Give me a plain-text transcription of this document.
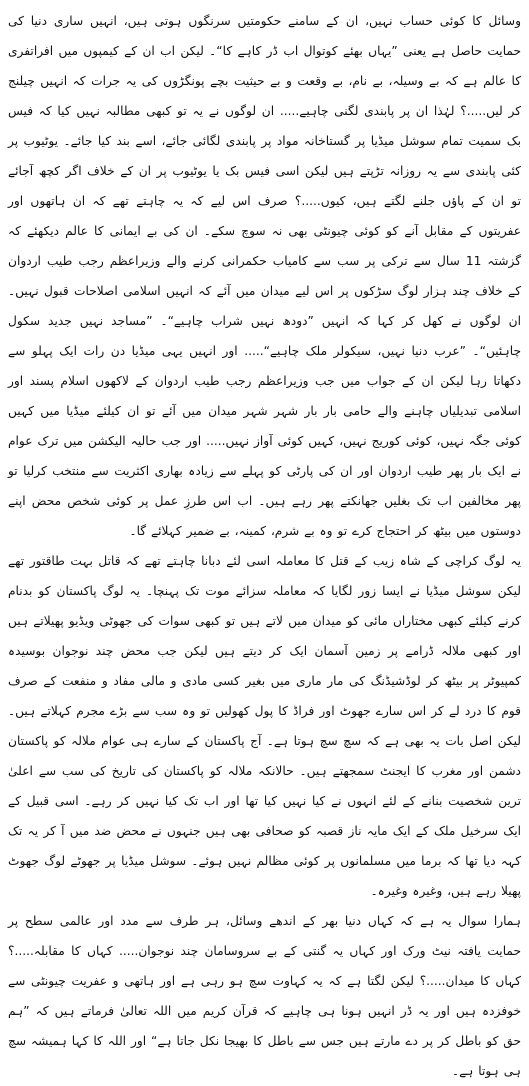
وسائل کا کوئی حساب نہیں، ان کے سامنے حکومتیں سرنگوں ہوتی ہیں، انہیں ساری دنیا کی حمایت حاصل ہے یعنی ”یہاں بھئے کوتوال اب ڈر کاہے کا“۔ لیکن اب ان کے کیمپوں میں افراتفری کا عالم ہے کہ بے وسیلہ، بے نام، بے وقعت و بے حیثیت بچے پونگڑوں کی یہ جرات کہ انہیں چیلنج کر لیں.....؟ لہٰذا ان پر پابندی لگنی چاہیے..... ان لوگوں نے یہ تو کبھی مطالبہ نہیں کیا کہ فیس بک سمیت تمام سوشل میڈیا پر گستاخانہ مواد پر پابندی لگائی جائے، اسے بند کیا جائے۔ یوٹیوب پر کئی پابندی سے یہ روزانہ تڑپتے ہیں لیکن اسی فیس بک یا یوٹیوب پر ان کے خلاف اگر کچھ آجائے تو ان کے پاؤں جلنے لگتے ہیں، کیوں.....؟ صرف اس لیے کہ یہ چاہتے تھے کہ ان ہاتھوں اور عفریتوں کے مقابل آنے کو کوئی چیونٹی بھی نہ سوچ سکے۔ ان کی بے ایمانی کا عالم دیکھئے کہ گزشتہ 11 سال سے ترکی پر سب سے کامیاب حکمرانی کرنے والے وزیراعظم رجب طیب اردوان کے خلاف چند ہزار لوگ سڑکوں پر اس لیے میدان میں آئے کہ انہیں اسلامی اصلاحات قبول نہیں۔ ان لوگوں نے کھل کر کہا کہ انہیں ”دودھ نہیں شراب چاہیے“۔ ”مساجد نہیں جدید سکول چاہئیں“۔ ”عرب دنیا نہیں، سیکولر ملک چاہیے“..... اور انہیں یہی میڈیا دن رات ایک پہلو سے دکھاتا رہا لیکن ان کے جواب میں جب وزیراعظم رجب طیب اردوان کے لاکھوں اسلام پسند اور اسلامی تبدیلیاں چاہنے والے حامی بار بار شہر شہر میدان میں آئے تو ان کیلئے میڈیا میں کہیں کوئی جگہ نہیں، کوئی کوریج نہیں، کہیں کوئی آواز نہیں..... اور جب حالیہ الیکشن میں ترک عوام نے ایک بار پھر طیب اردوان اور ان کی پارٹی کو پہلے سے زیادہ بھاری اکثریت سے منتخب کرلیا تو پھر مخالفین اب تک بغلیں جھانکتے پھر رہے ہیں۔ اب اس طرزِ عمل پر کوئی شخص محض اپنے دوستوں میں بیٹھ کر احتجاج کرے تو وہ بے شرم، کمینہ، بے ضمیر کہلائے گا۔

یہ لوگ کراچی کے شاہ زیب کے قتل کا معاملہ اسی لئے دبانا چاہتے تھے کہ قاتل بہت طاقتور تھے لیکن سوشل میڈیا نے ایسا زور لگایا کہ معاملہ سزائے موت تک پہنچا۔ یہ لوگ پاکستان کو بدنام کرنے کیلئے کبھی مختاراں مائی کو میدان میں لاتے ہیں تو کبھی سوات کی جھوٹی ویڈیو پھیلاتے ہیں اور کبھی ملالہ ڈرامے پر زمین آسمان ایک کر دیتے ہیں لیکن جب محض چند نوجوان بوسیدہ کمپیوٹر پر بیٹھ کر لوڈشیڈنگ کی مار ماری میں بغیر کسی مادی و مالی مفاد و منفعت کے صرف قوم کا درد لے کر اس سارے جھوٹ اور فراڈ کا پول کھولیں تو وہ سب سے بڑے مجرم کہلاتے ہیں۔ لیکن اصل بات یہ بھی ہے کہ سچ سچ ہوتا ہے۔ آج پاکستان کے سارے ہی عوام ملالہ کو پاکستان دشمن اور مغرب کا ایجنٹ سمجھتے ہیں۔ حالانکہ ملالہ کو پاکستان کی تاریخ کی سب سے اعلیٰ ترین شخصیت بنانے کے لئے انہوں نے کیا نہیں کیا تھا اور اب تک کیا نہیں کر رہے۔ اسی قبیل کے ایک سرخیل ملک کے ایک مایہ ناز قصبہ کو صحافی بھی ہیں جنہوں نے محض ضد میں آ کر یہ تک کہہ دیا تھا کہ برما میں مسلمانوں پر کوئی مظالم نہیں ہوئے۔ سوشل میڈیا پر جھوٹے لوگ جھوٹ پھیلا رہے ہیں، وغیرہ وغیرہ۔

ہمارا سوال یہ ہے کہ کہاں دنیا بھر کے اندھے وسائل، ہر طرف سے مدد اور عالمی سطح پر حمایت یافتہ نیٹ ورک اور کہاں یہ گنتی کے بے سروسامان چند نوجوان..... کہاں کا مقابلہ.....؟ کہاں کا میدان.....؟ لیکن لگتا ہے کہ یہ کہاوت سچ ہو رہی ہے اور ہاتھی و عفریت چیونٹی سے خوفزدہ ہیں اور یہ ڈر انہیں ہونا ہی چاہیے کہ قرآن کریم میں اللہ تعالیٰ فرماتے ہیں کہ ”ہم حق کو باطل کر پر دے مارتے ہیں جس سے باطل کا بھیجا نکل جاتا ہے“ اور اللہ کا کہا ہمیشہ سچ ہی ہوتا ہے۔
